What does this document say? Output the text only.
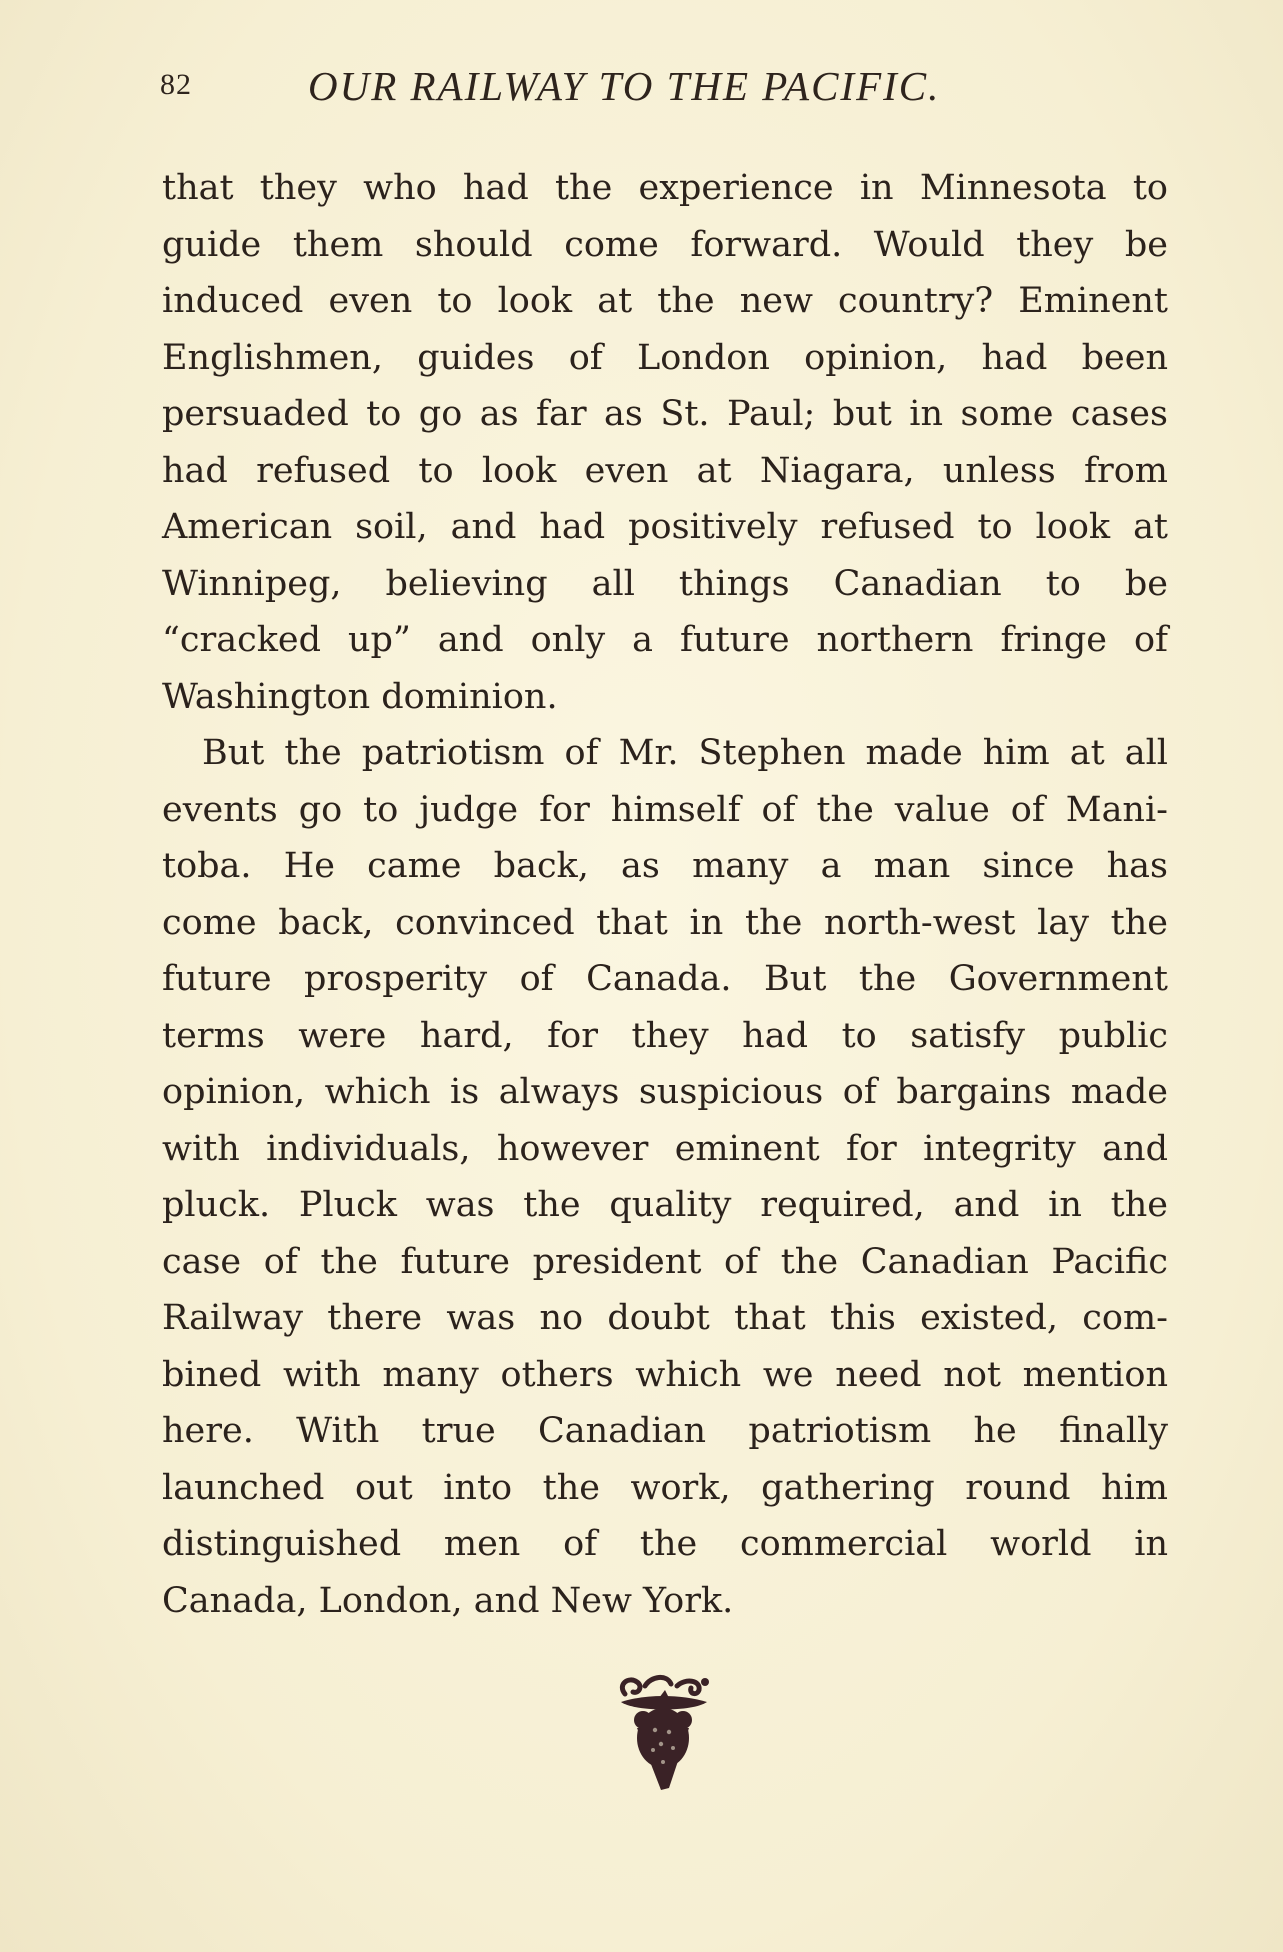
82	OUR RAILWAY TO THE PACIFIC.
that they who had the experience in Minnesota to
guide them should come forward. Would they be
induced even to look at the new country? Eminent
Englishmen, guides of London opinion, had been
persuaded to go as far as St. Paul; but in some cases
had refused to look even at Niagara, unless from
American soil, and had positively refused to look at
Winnipeg, believing all things Canadian to be
“cracked up” and only a future northern fringe of
Washington dominion.
But the patriotism of Mr. Stephen made him at all
events go to judge for himself of the value of Mani-
toba. He came back, as many a man since has
come back, convinced that in the north-west lay the
future prosperity of Canada. But the Government
terms were hard, for they had to satisfy public
opinion, which is always suspicious of bargains made
with individuals, however eminent for integrity and
pluck. Pluck was the quality required, and in the
case of the future president of the Canadian Pacific
Railway there was no doubt that this existed, com-
bined with many others which we need not mention
here. With true Canadian patriotism he finally
launched out into the work, gathering round him
distinguished men of the commercial world in
Canada, London, and New York.
